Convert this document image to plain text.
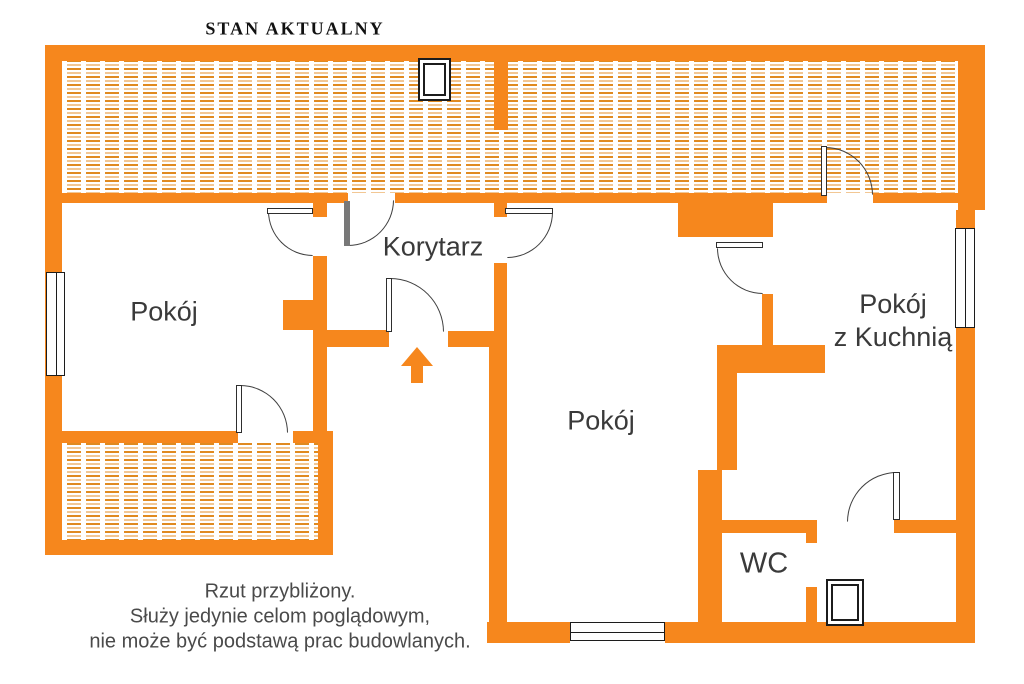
STAN AKTUALNY
Pokój
Korytarz
Pokój
Pokój
z Kuchnią
WC
Rzut przybliżony.
Służy jedynie celom poglądowym,
nie może być podstawą prac budowlanych.
